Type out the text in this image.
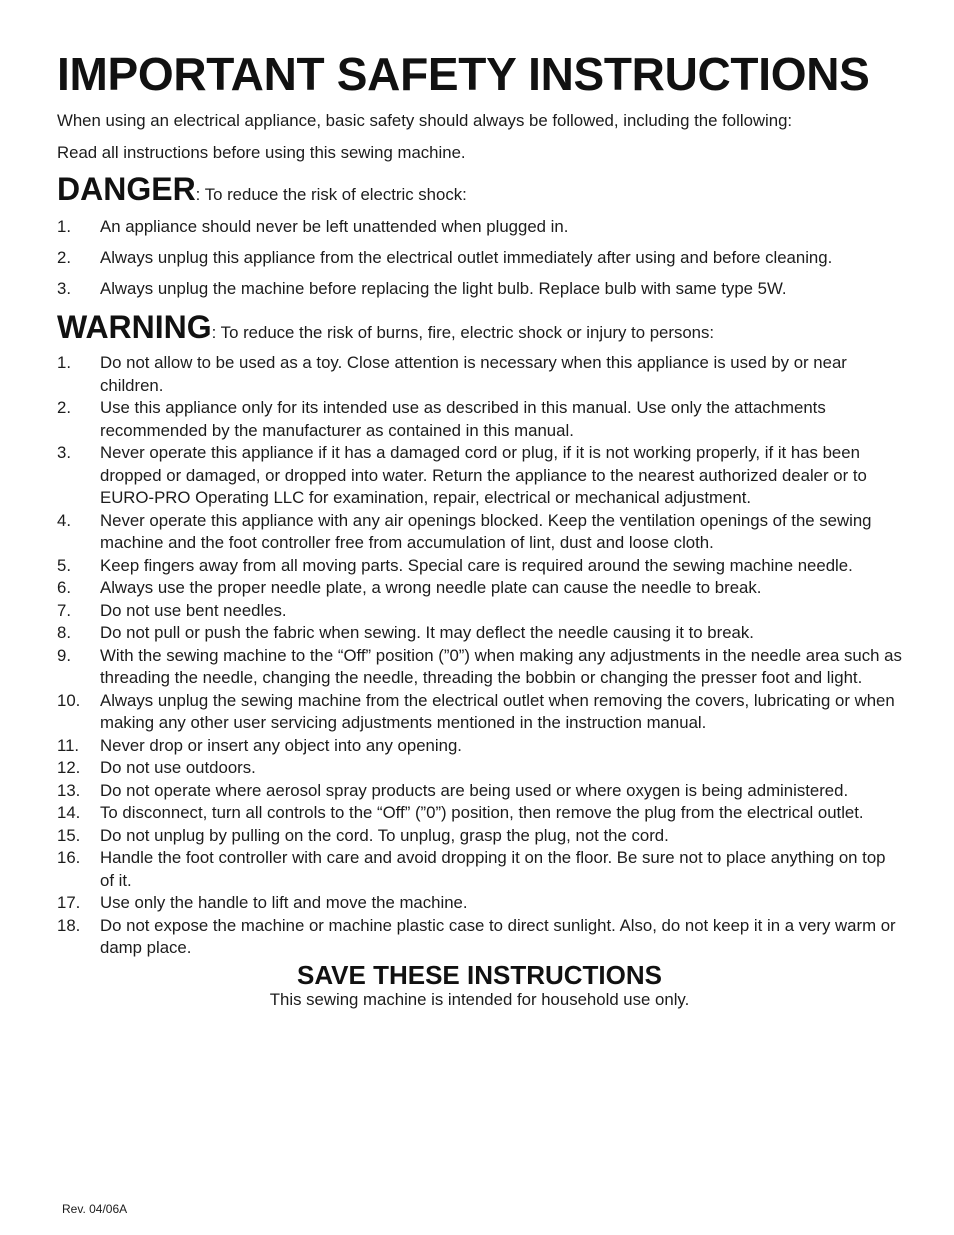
IMPORTANT SAFETY INSTRUCTIONS

When using an electrical appliance, basic safety should always be followed, including the following:

Read all instructions before using this sewing machine.

DANGER: To reduce the risk of electric shock:

1. An appliance should never be left unattended when plugged in.
2. Always unplug this appliance from the electrical outlet immediately after using and before cleaning.
3. Always unplug the machine before replacing the light bulb. Replace bulb with same type 5W.

WARNING: To reduce the risk of burns, fire, electric shock or injury to persons:

1. Do not allow to be used as a toy. Close attention is necessary when this appliance is used by or near children.
2. Use this appliance only for its intended use as described in this manual. Use only the attachments recommended by the manufacturer as contained in this manual.
3. Never operate this appliance if it has a damaged cord or plug, if it is not working properly, if it has been dropped or damaged, or dropped into water. Return the appliance to the nearest authorized dealer or to EURO-PRO Operating LLC for examination, repair, electrical or mechanical adjustment.
4. Never operate this appliance with any air openings blocked. Keep the ventilation openings of the sewing machine and the foot controller free from accumulation of lint, dust and loose cloth.
5. Keep fingers away from all moving parts. Special care is required around the sewing machine needle.
6. Always use the proper needle plate, a wrong needle plate can cause the needle to break.
7. Do not use bent needles.
8. Do not pull or push the fabric when sewing. It may deflect the needle causing it to break.
9. With the sewing machine to the “Off” position (”0”) when making any adjustments in the needle area such as threading the needle, changing the needle, threading the bobbin or changing the presser foot and light.
10. Always unplug the sewing machine from the electrical outlet when removing the covers, lubricating or when making any other user servicing adjustments mentioned in the instruction manual.
11. Never drop or insert any object into any opening.
12. Do not use outdoors.
13. Do not operate where aerosol spray products are being used or where oxygen is being administered.
14. To disconnect, turn all controls to the “Off” (”0”) position, then remove the plug from the electrical outlet.
15. Do not unplug by pulling on the cord. To unplug, grasp the plug, not the cord.
16. Handle the foot controller with care and avoid dropping it on the floor. Be sure not to place anything on top of it.
17. Use only the handle to lift and move the machine.
18. Do not expose the machine or machine plastic case to direct sunlight. Also, do not keep it in a very warm or damp place.

SAVE THESE INSTRUCTIONS

This sewing machine is intended for household use only.

Rev. 04/06A
